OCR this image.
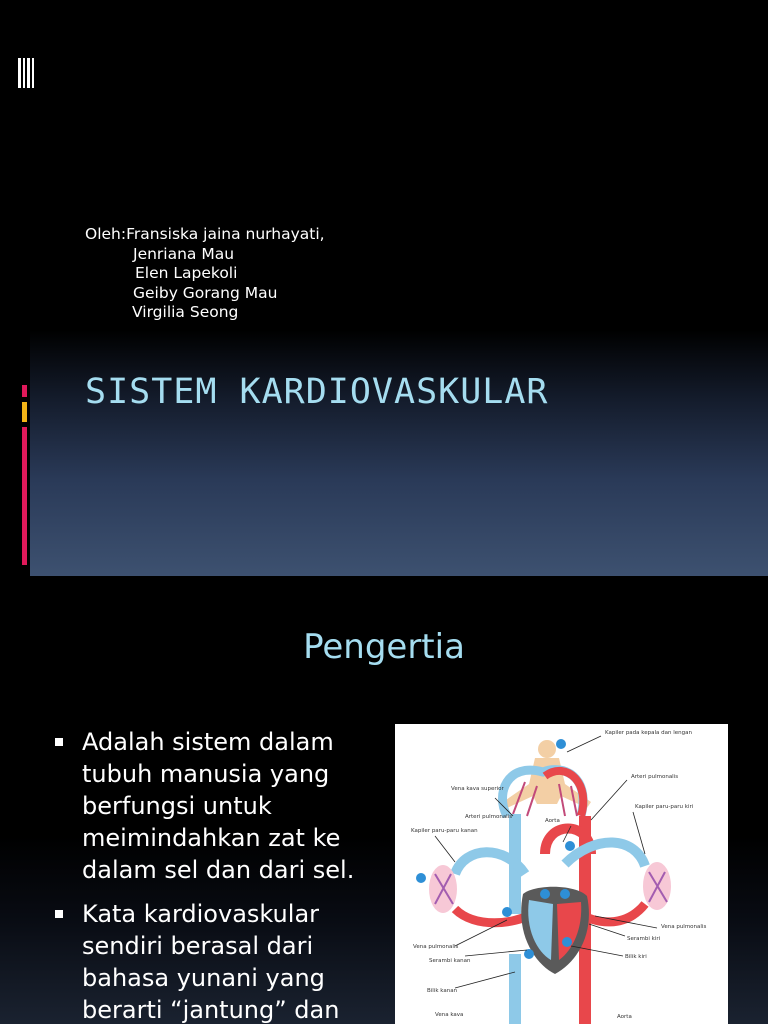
Oleh:Fransiska jaina nurhayati,
Jenriana Mau
Elen Lapekoli
Geiby Gorang Mau
Virgilia Seong
SISTEM KARDIOVASKULAR
Pengertia
Adalah sistem dalam tubuh manusia yang berfungsi untuk meimindahkan zat ke dalam sel dan dari sel.
Kata kardiovaskular sendiri berasal dari bahasa yunani yang berarti “jantung” dan
Kapiler pada kepala dan lengan
Vena kava superior
Arteri pulmonalis
Arteri pulmonalis
Aorta
Kapiler paru-paru kanan
Kapiler paru-paru kiri
Vena pulmonalis
Vena pulmonalis
Serambi kanan
Serambi kiri
Bilik kiri
Bilik kanan
Vena kava	Aorta
